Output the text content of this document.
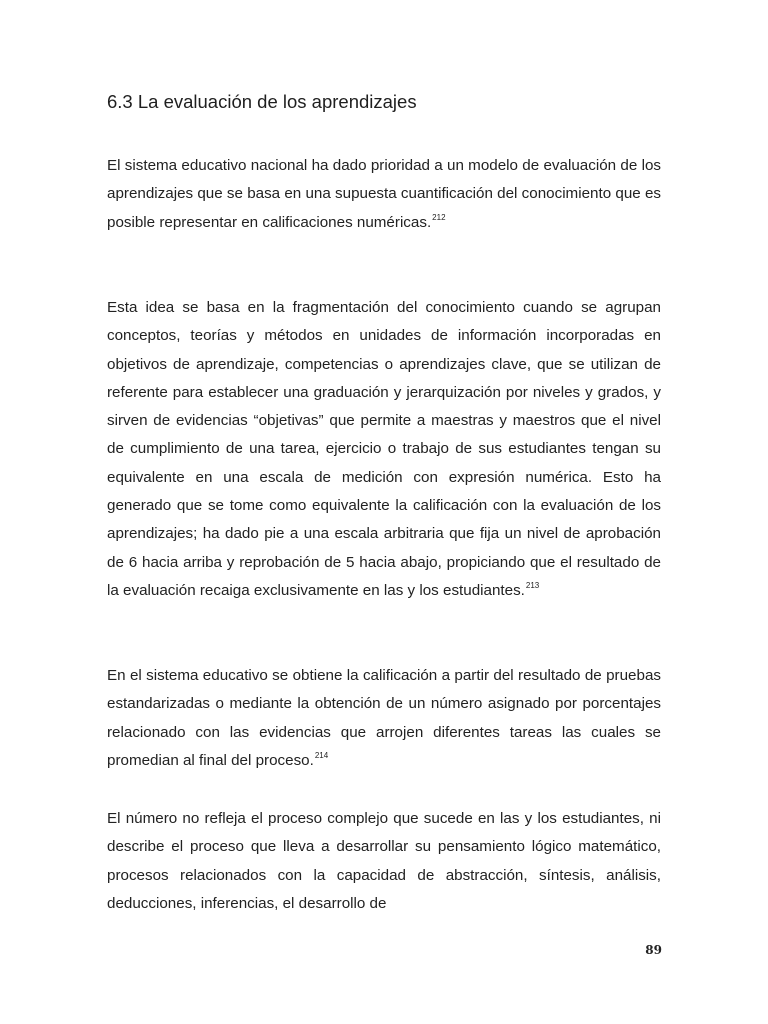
6.3 La evaluación de los aprendizajes

El sistema educativo nacional ha dado prioridad a un modelo de evaluación de los aprendizajes que se basa en una supuesta cuantificación del conocimiento que es posible representar en calificaciones numéricas.$^{212}$

Esta idea se basa en la fragmentación del conocimiento cuando se agrupan conceptos, teorías y métodos en unidades de información incorporadas en objetivos de aprendizaje, competencias o aprendizajes clave, que se utilizan de referente para establecer una graduación y jerarquización por niveles y grados, y sirven de evidencias “objetivas” que permite a maestras y maestros que el nivel de cumplimiento de una tarea, ejercicio o trabajo de sus estudiantes tengan su equivalente en una escala de medición con expresión numérica. Esto ha generado que se tome como equivalente la calificación con la evaluación de los aprendizajes; ha dado pie a una escala arbitraria que fija un nivel de aprobación de 6 hacia arriba y reprobación de 5 hacia abajo, propiciando que el resultado de la evaluación recaiga exclusivamente en las y los estudiantes.$^{213}$

En el sistema educativo se obtiene la calificación a partir del resultado de pruebas estandarizadas o mediante la obtención de un número asignado por porcentajes relacionado con las evidencias que arrojen diferentes tareas las cuales se promedian al final del proceso.$^{214}$

El número no refleja el proceso complejo que sucede en las y los estudiantes, ni describe el proceso que lleva a desarrollar su pensamiento lógico matemático, procesos relacionados con la capacidad de abstracción, síntesis, análisis, deducciones, inferencias, el desarrollo de

89
